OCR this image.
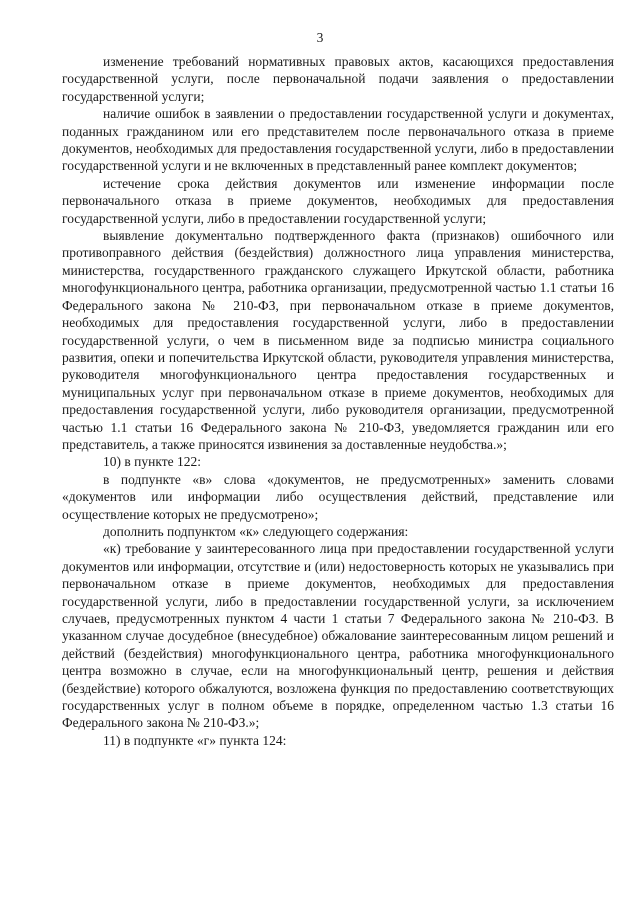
3

изменение требований нормативных правовых актов, касающихся предоставления государственной услуги, после первоначальной подачи заявления о предоставлении государственной услуги;

наличие ошибок в заявлении о предоставлении государственной услуги и документах, поданных гражданином или его представителем после первоначального отказа в приеме документов, необходимых для предоставления государственной услуги, либо в предоставлении государственной услуги и не включенных в представленный ранее комплект документов;

истечение срока действия документов или изменение информации после первоначального отказа в приеме документов, необходимых для предоставления государственной услуги, либо в предоставлении государственной услуги;

выявление документально подтвержденного факта (признаков) ошибочного или противоправного действия (бездействия) должностного лица управления министерства, министерства, государственного гражданского служащего Иркутской области, работника многофункционального центра, работника организации, предусмотренной частью 1.1 статьи 16 Федерального закона № 210-ФЗ, при первоначальном отказе в приеме документов, необходимых для предоставления государственной услуги, либо в предоставлении государственной услуги, о чем в письменном виде за подписью министра социального развития, опеки и попечительства Иркутской области, руководителя управления министерства, руководителя многофункционального центра предоставления государственных и муниципальных услуг при первоначальном отказе в приеме документов, необходимых для предоставления государственной услуги, либо руководителя организации, предусмотренной частью 1.1 статьи 16 Федерального закона № 210-ФЗ, уведомляется гражданин или его представитель, а также приносятся извинения за доставленные неудобства.»;

10) в пункте 122:

в подпункте «в» слова «документов, не предусмотренных» заменить словами «документов или информации либо осуществления действий, представление или осуществление которых не предусмотрено»;

дополнить подпунктом «к» следующего содержания:

«к) требование у заинтересованного лица при предоставлении государственной услуги документов или информации, отсутствие и (или) недостоверность которых не указывались при первоначальном отказе в приеме документов, необходимых для предоставления государственной услуги, либо в предоставлении государственной услуги, за исключением случаев, предусмотренных пунктом 4 части 1 статьи 7 Федерального закона № 210-ФЗ. В указанном случае досудебное (внесудебное) обжалование заинтересованным лицом решений и действий (бездействия) многофункционального центра, работника многофункционального центра возможно в случае, если на многофункциональный центр, решения и действия (бездействие) которого обжалуются, возложена функция по предоставлению соответствующих государственных услуг в полном объеме в порядке, определенном частью 1.3 статьи 16 Федерального закона № 210-ФЗ.»;

11) в подпункте «г» пункта 124:
